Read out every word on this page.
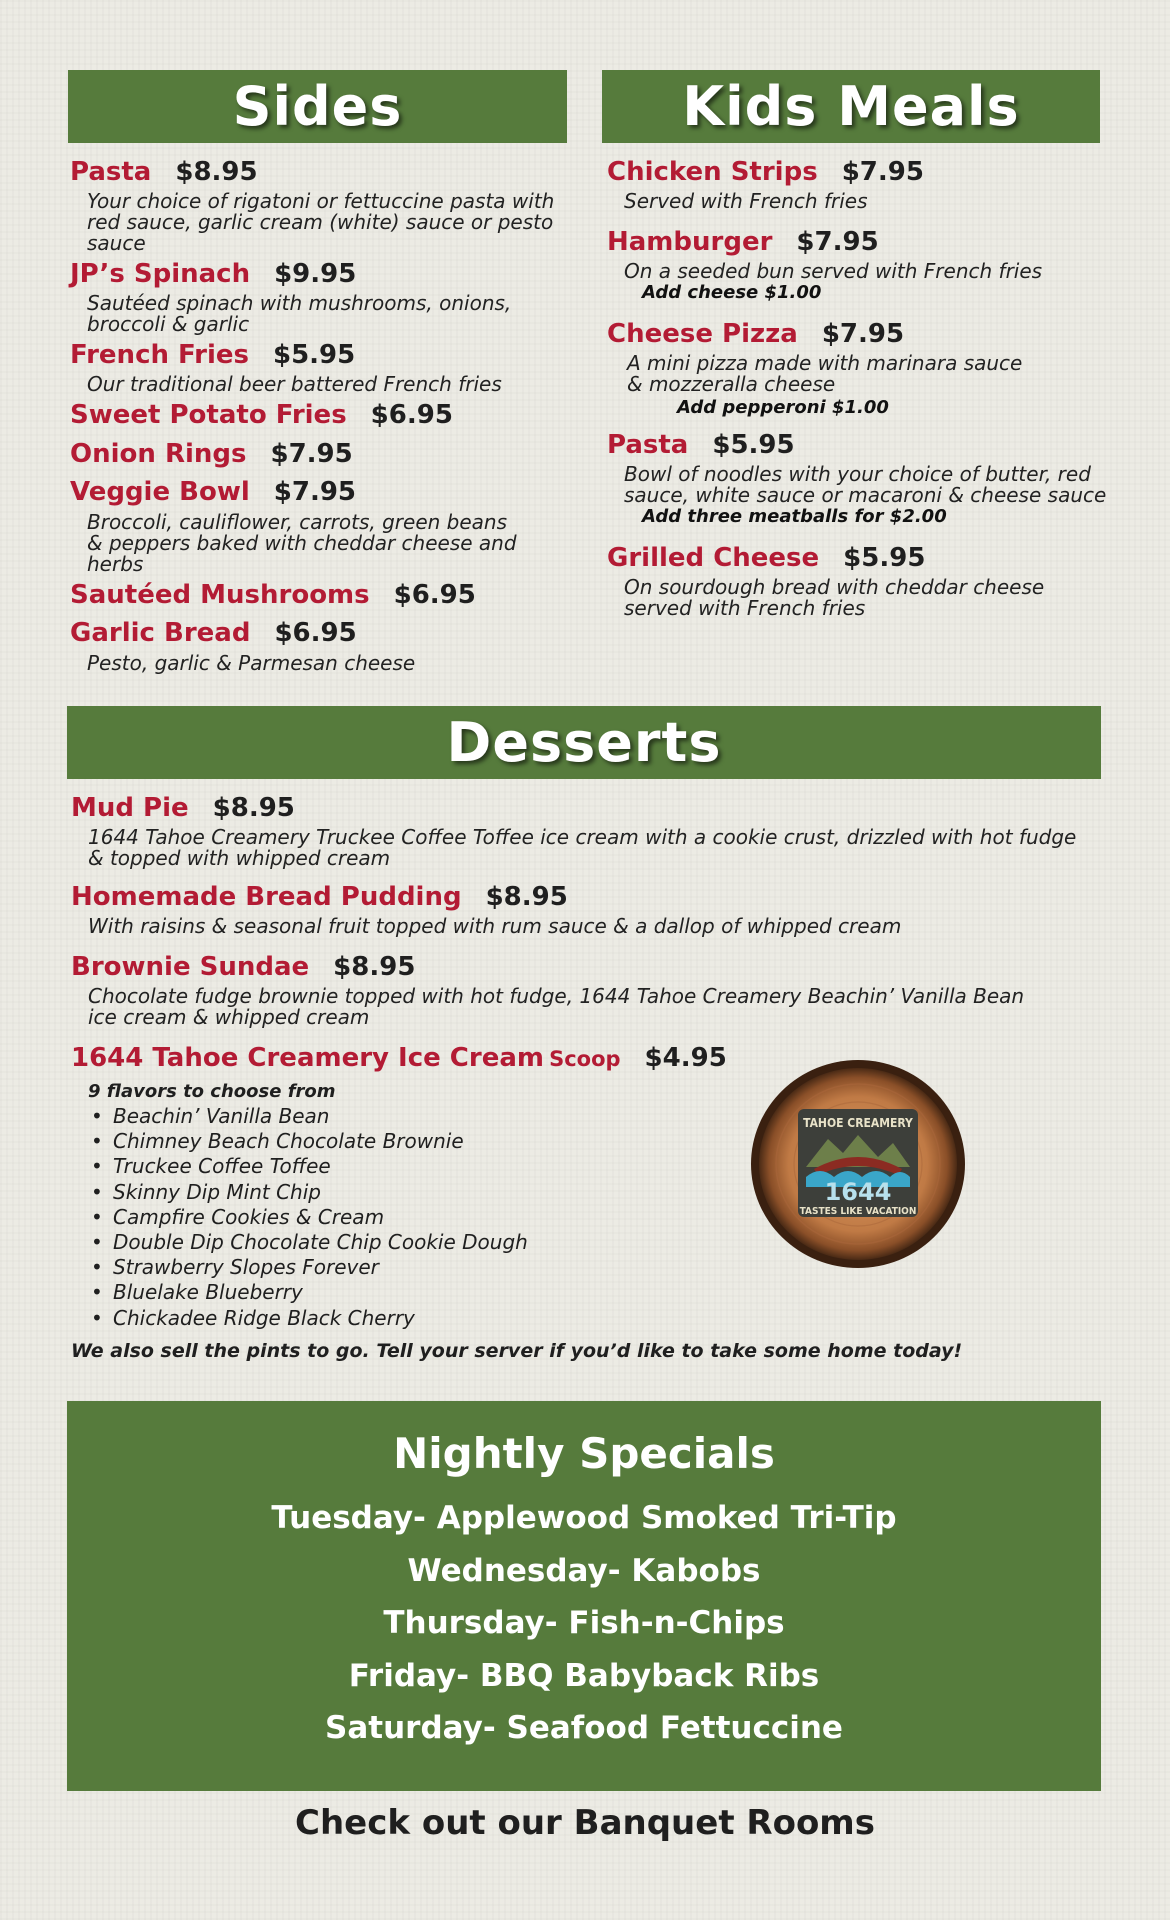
Sides	Kids Meals
Pasta $8.95
Your choice of rigatoni or fettuccine pasta with
red sauce, garlic cream (white) sauce or pesto
sauce
JP’s Spinach $9.95
Sautéed spinach with mushrooms, onions,
broccoli & garlic
French Fries $5.95
Our traditional beer battered French fries
Sweet Potato Fries $6.95
Onion Rings $7.95
Veggie Bowl $7.95
Broccoli, cauliflower, carrots, green beans
& peppers baked with cheddar cheese and
herbs
Sautéed Mushrooms $6.95
Garlic Bread $6.95
Pesto, garlic & Parmesan cheese
Chicken Strips $7.95
Served with French fries
Hamburger $7.95
On a seeded bun served with French fries
Add cheese $1.00
Cheese Pizza $7.95
A mini pizza made with marinara sauce
& mozzeralla cheese
Add pepperoni $1.00
Pasta $5.95
Bowl of noodles with your choice of butter, red
sauce, white sauce or macaroni & cheese sauce
Add three meatballs for $2.00
Grilled Cheese $5.95
On sourdough bread with cheddar cheese
served with French fries
Desserts
Mud Pie $8.95
1644 Tahoe Creamery Truckee Coffee Toffee ice cream with a cookie crust, drizzled with hot fudge
& topped with whipped cream
Homemade Bread Pudding $8.95
With raisins & seasonal fruit topped with rum sauce & a dallop of whipped cream
Brownie Sundae $8.95
Chocolate fudge brownie topped with hot fudge, 1644 Tahoe Creamery Beachin’ Vanilla Bean
ice cream & whipped cream
1644 Tahoe Creamery Ice Cream Scoop $4.95
9 flavors to choose from
• Beachin’ Vanilla Bean
• Chimney Beach Chocolate Brownie
• Truckee Coffee Toffee
• Skinny Dip Mint Chip
• Campfire Cookies & Cream
• Double Dip Chocolate Chip Cookie Dough
• Strawberry Slopes Forever
• Bluelake Blueberry
• Chickadee Ridge Black Cherry
We also sell the pints to go. Tell your server if you’d like to take some home today!
TAHOE CREAMERY
1644
TASTES LIKE VACATION
Nightly Specials
Tuesday- Applewood Smoked Tri-Tip
Wednesday- Kabobs
Thursday- Fish-n-Chips
Friday- BBQ Babyback Ribs
Saturday- Seafood Fettuccine
Check out our Banquet Rooms
